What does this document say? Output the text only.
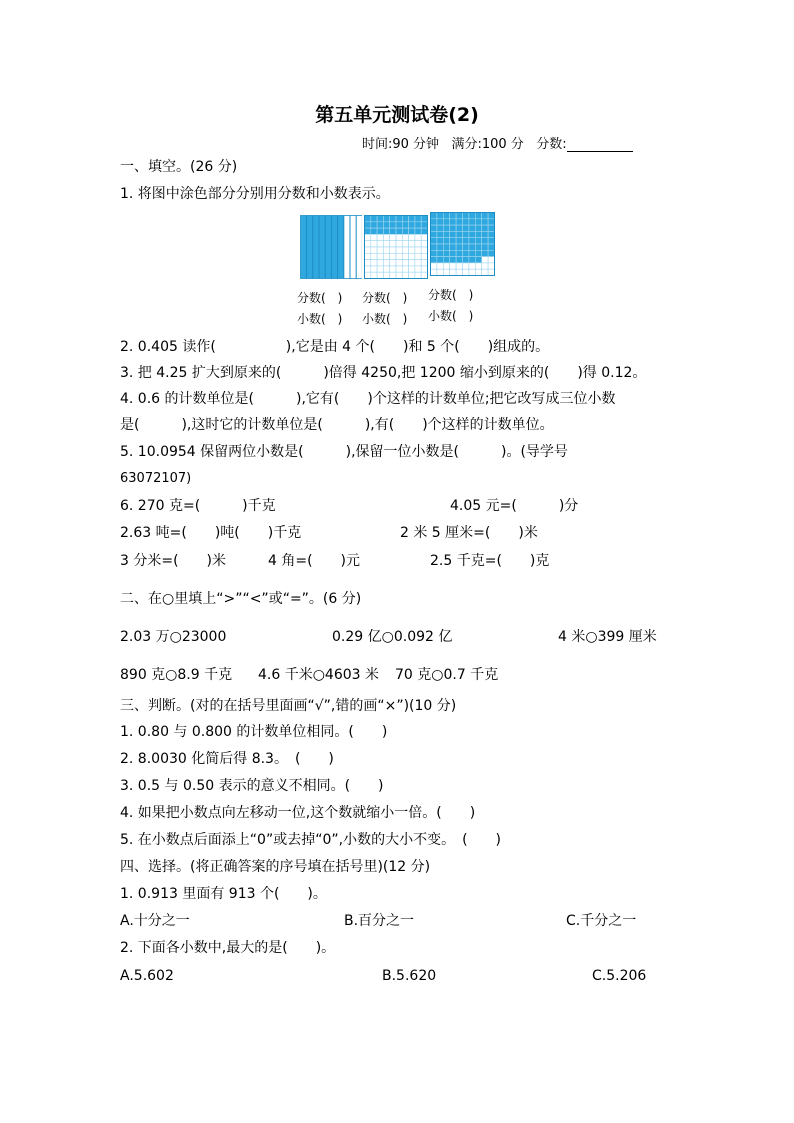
第五单元测试卷(2)
时间:90 分钟 满分:100 分 分数:
一、填空。(26 分)
1. 将图中涂色部分分别用分数和小数表示。
分数(　) 分数(　) 分数(　)
小数(　) 小数(　) 小数(　)
2. 0.405 读作(　　　　　),它是由 4 个(　　)和 5 个(　　)组成的。
3. 把 4.25 扩大到原来的(　　　)倍得 4250,把 1200 缩小到原来的(　　)得 0.12。
4. 0.6 的计数单位是(　　　),它有(　　)个这样的计数单位;把它改写成三位小数
是(　　　),这时它的计数单位是(　　　),有(　　)个这样的计数单位。
5. 10.0954 保留两位小数是(　　　),保留一位小数是(　　　)。(导学号
63072107)
6. 270 克=(　　　)千克	4.05 元=(　　　)分
2.63 吨=(　　)吨(　　)千克	2 米 5 厘米=(　　)米
3 分米=(　　)米	4 角=(　　)元	2.5 千克=(　　)克
二、在○里填上“>”“<”或“=”。(6 分)
2.03 万○23000	0.29 亿○0.092 亿	4 米○399 厘米
890 克○8.9 千克 4.6 千米○4603 米 70 克○0.7 千克
三、判断。(对的在括号里面画“√”,错的画“×”)(10 分)
1. 0.80 与 0.800 的计数单位相同。(　　)
2. 8.0030 化简后得 8.3。　(　　)
3. 0.5 与 0.50 表示的意义不相同。(　　)
4. 如果把小数点向左移动一位,这个数就缩小一倍。(　　)
5. 在小数点后面添上“0”或去掉“0”,小数的大小不变。　(　　)
四、选择。(将正确答案的序号填在括号里)(12 分)
1. 0.913 里面有 913 个(　　)。
A.十分之一	B.百分之一	C.千分之一
2. 下面各小数中,最大的是(　　)。
A.5.602	B.5.620	C.5.206
